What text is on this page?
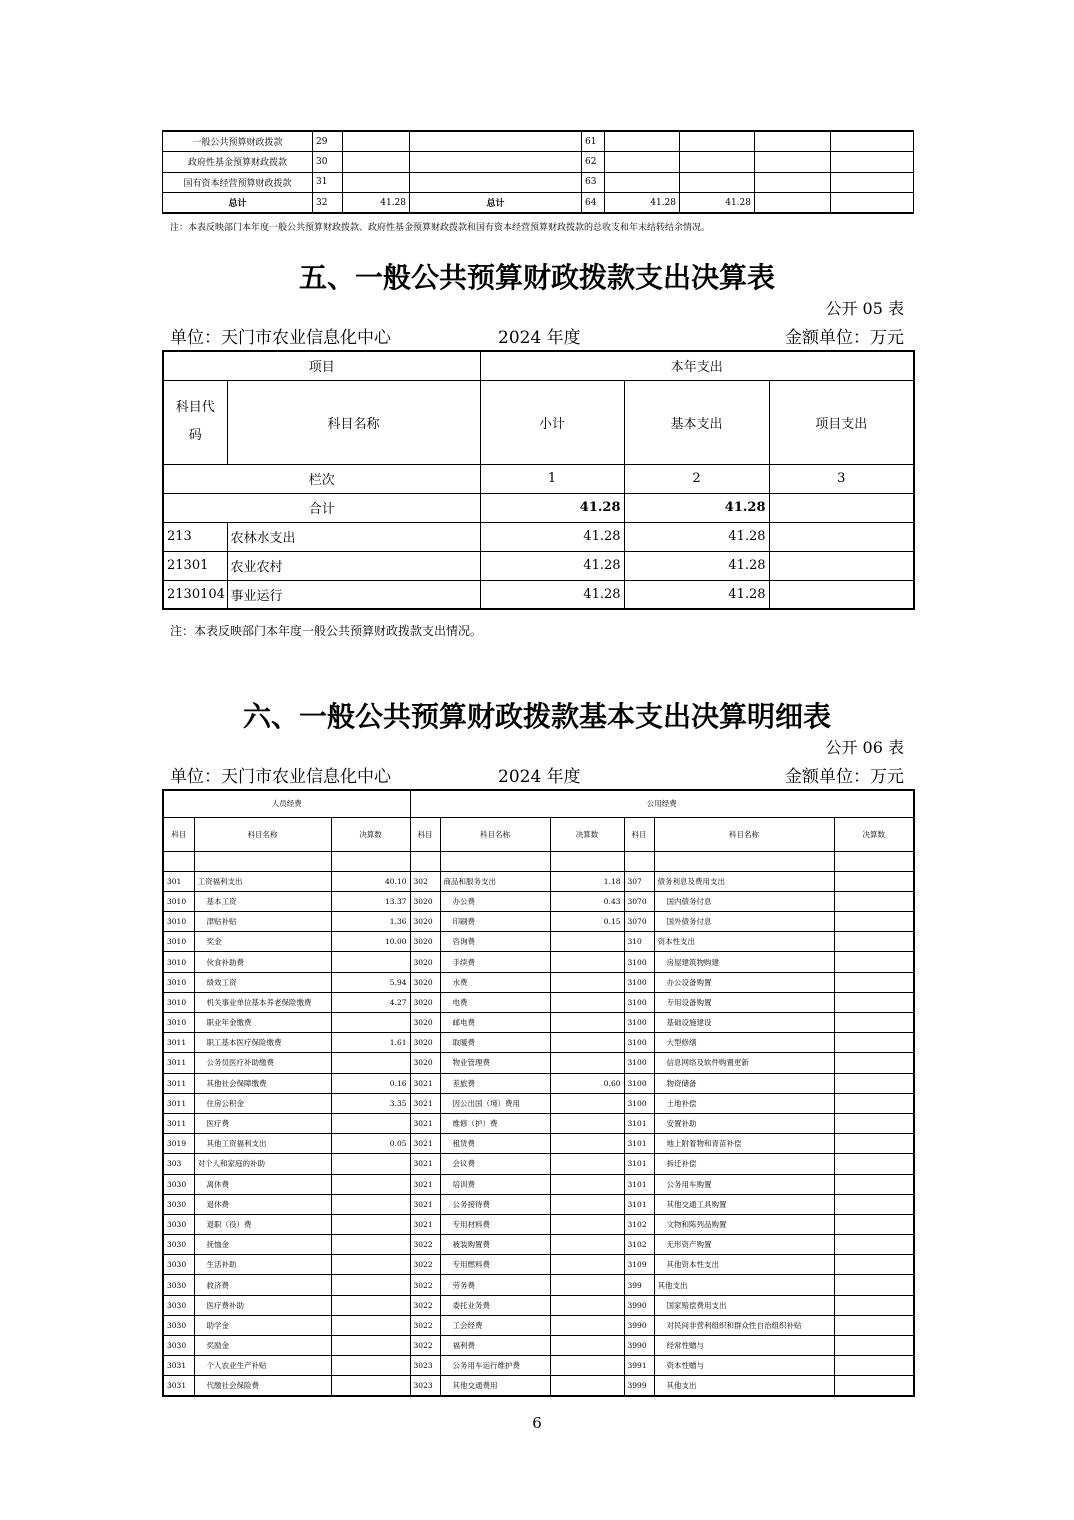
一般公共预算财政拨款	29			61				
政府性基金预算财政拨款	30			62				
国有资本经营预算财政拨款	31			63				
总计	32	41.28	总计	64	41.28	41.28		
注：本表反映部门本年度一般公共预算财政拨款、政府性基金预算财政拨款和国有资本经营预算财政拨款的总收支和年末结转结余情况。
五、一般公共预算财政拨款支出决算表
公开 05 表
单位：天门市农业信息化中心	2024 年度	金额单位：万元
项目		本年支出		
科目代码	科目名称	小计	基本支出	项目支出
栏次		1	2	3
合计		41.28	41.28	
213	农林水支出	41.28	41.28	
21301	农业农村	41.28	41.28	
2130104	事业运行	41.28	41.28	
注：本表反映部门本年度一般公共预算财政拨款支出情况。
六、一般公共预算财政拨款基本支出决算明细表
公开 06 表
单位：天门市农业信息化中心	2024 年度	金额单位：万元
人员经费			公用经费					
科目	科目名称	决算数	科目	科目名称	决算数	科目	科目名称	决算数

301	工资福利支出	40.10	302	商品和服务支出	1.18	307	债务利息及费用支出	
3010	基本工资	13.37	3020	办公费	0.43	3070	国内债务付息	
3010	津贴补贴	1.36	3020	印刷费	0.15	3070	国外债务付息	
3010	奖金	10.00	3020	咨询费		310	资本性支出	
3010	伙食补助费		3020	手续费		3100	房屋建筑物购建	
3010	绩效工资	5.94	3020	水费		3100	办公设备购置	
3010	机关事业单位基本养老保险缴费	4.27	3020	电费		3100	专用设备购置	
3010	职业年金缴费		3020	邮电费		3100	基础设施建设	
3011	职工基本医疗保险缴费	1.61	3020	取暖费		3100	大型修缮	
3011	公务员医疗补助缴费		3020	物业管理费		3100	信息网络及软件购置更新	
3011	其他社会保障缴费	0.16	3021	差旅费	0.60	3100	物资储备	
3011	住房公积金	3.35	3021	因公出国（境）费用		3100	土地补偿	
3011	医疗费		3021	维修（护）费		3101	安置补助	
3019	其他工资福利支出	0.05	3021	租赁费		3101	地上附着物和青苗补偿	
303	对个人和家庭的补助		3021	会议费		3101	拆迁补偿	
3030	离休费		3021	培训费		3101	公务用车购置	
3030	退休费		3021	公务接待费		3101	其他交通工具购置	
3030	退职（役）费		3021	专用材料费		3102	文物和陈列品购置	
3030	抚恤金		3022	被装购置费		3102	无形资产购置	
3030	生活补助		3022	专用燃料费		3109	其他资本性支出	
3030	救济费		3022	劳务费		399	其他支出	
3030	医疗费补助		3022	委托业务费		3990	国家赔偿费用支出	
3030	助学金		3022	工会经费		3990	对民间非营利组织和群众性自治组织补贴	
3030	奖励金		3022	福利费		3990	经常性赠与	
3031	个人农业生产补贴		3023	公务用车运行维护费		3991	资本性赠与	
3031	代缴社会保险费		3023	其他交通费用		3999	其他支出	
6
